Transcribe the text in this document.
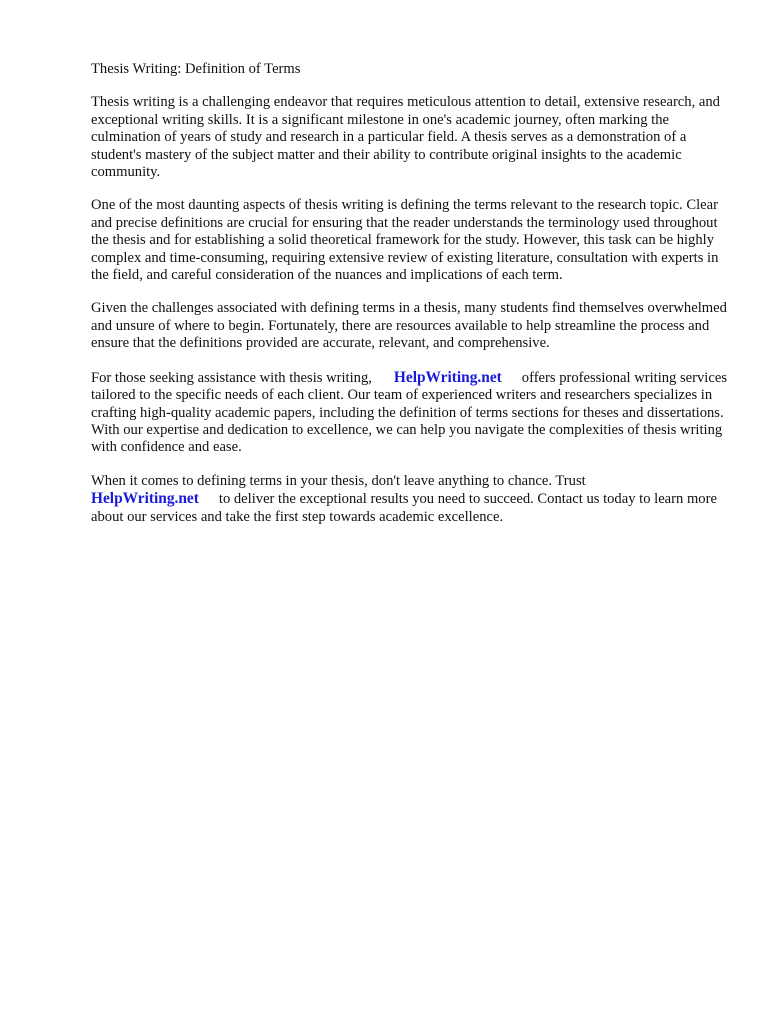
Thesis Writing: Definition of Terms

Thesis writing is a challenging endeavor that requires meticulous attention to detail, extensive research, and exceptional writing skills. It is a significant milestone in one's academic journey, often marking the culmination of years of study and research in a particular field. A thesis serves as a demonstration of a student's mastery of the subject matter and their ability to contribute original insights to the academic community.

One of the most daunting aspects of thesis writing is defining the terms relevant to the research topic. Clear and precise definitions are crucial for ensuring that the reader understands the terminology used throughout the thesis and for establishing a solid theoretical framework for the study. However, this task can be highly complex and time-consuming, requiring extensive review of existing literature, consultation with experts in the field, and careful consideration of the nuances and implications of each term.

Given the challenges associated with defining terms in a thesis, many students find themselves overwhelmed and unsure of where to begin. Fortunately, there are resources available to help streamline the process and ensure that the definitions provided are accurate, relevant, and comprehensive.

For those seeking assistance with thesis writing, HelpWriting.net offers professional writing services tailored to the specific needs of each client. Our team of experienced writers and researchers specializes in crafting high-quality academic papers, including the definition of terms sections for theses and dissertations. With our expertise and dedication to excellence, we can help you navigate the complexities of thesis writing with confidence and ease.

When it comes to defining terms in your thesis, don't leave anything to chance. Trust
HelpWriting.net to deliver the exceptional results you need to succeed. Contact us today to learn more about our services and take the first step towards academic excellence.
